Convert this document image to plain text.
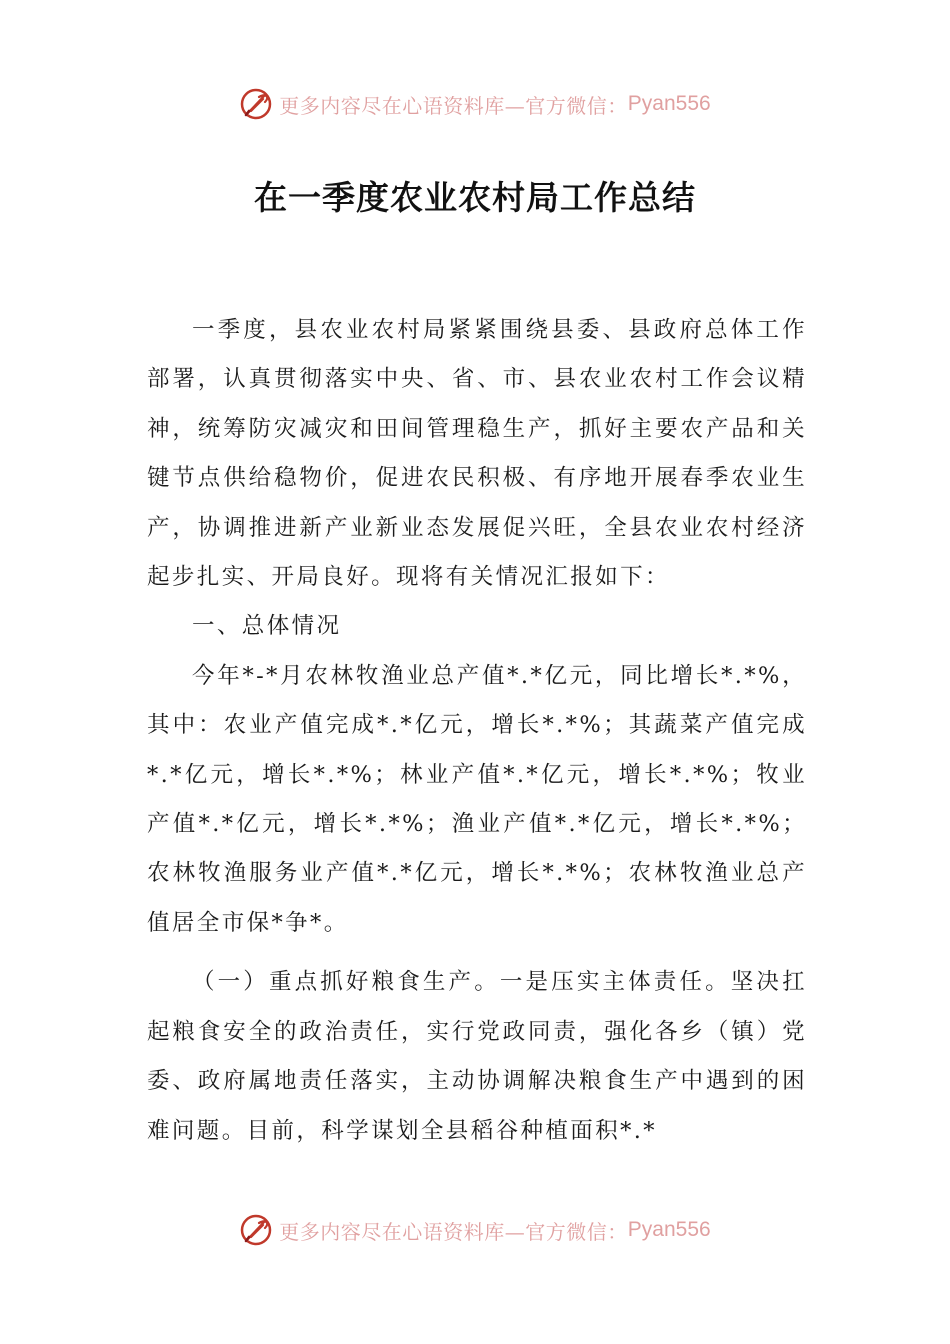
更多内容尽在心语资料库—官方微信： Pyan556
在一季度农业农村局工作总结

一季度，县农业农村局紧紧围绕县委、县政府总体工作部署，认真贯彻落实中央、省、市、县农业农村工作会议精神，统筹防灾减灾和田间管理稳生产，抓好主要农产品和关键节点供给稳物价，促进农民积极、有序地开展春季农业生产，协调推进新产业新业态发展促兴旺，全县农业农村经济起步扎实、开局良好。现将有关情况汇报如下：

一、总体情况

今年*-*月农林牧渔业总产值*.*亿元，同比增长*.*%，其中：农业产值完成*.*亿元，增长*.*%；其蔬菜产值完成*.*亿元，增长*.*%；林业产值*.*亿元，增长*.*%；牧业产值*.*亿元，增长*.*%；渔业产值*.*亿元，增长*.*%；农林牧渔服务业产值*.*亿元，增长*.*%；农林牧渔业总产值居全市保*争*。

（一）重点抓好粮食生产。一是压实主体责任。坚决扛起粮食安全的政治责任，实行党政同责，强化各乡（镇）党委、政府属地责任落实，主动协调解决粮食生产中遇到的困难问题。目前，科学谋划全县稻谷种植面积*.*

更多内容尽在心语资料库—官方微信： Pyan556
